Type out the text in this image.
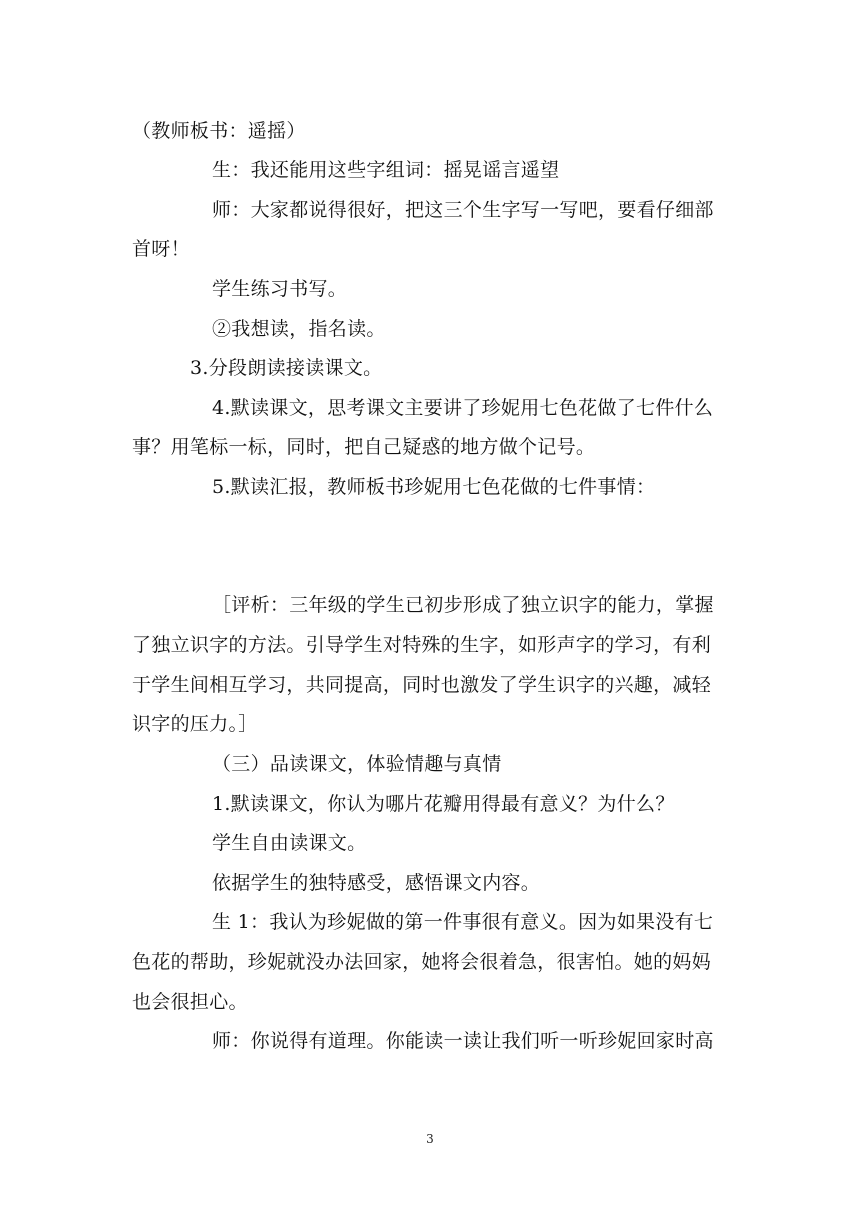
（教师板书：遥摇）
生：我还能用这些字组词：摇晃谣言遥望
师：大家都说得很好，把这三个生字写一写吧，要看仔细部
首呀！
学生练习书写。
②我想读，指名读。
3.分段朗读接读课文。
4.默读课文，思考课文主要讲了珍妮用七色花做了七件什么
事？用笔标一标，同时，把自己疑惑的地方做个记号。
5.默读汇报，教师板书珍妮用七色花做的七件事情：
［评析：三年级的学生已初步形成了独立识字的能力，掌握
了独立识字的方法。引导学生对特殊的生字，如形声字的学习，有利
于学生间相互学习，共同提高，同时也激发了学生识字的兴趣，减轻
识字的压力。］
（三）品读课文，体验情趣与真情
1.默读课文，你认为哪片花瓣用得最有意义？为什么？
学生自由读课文。
依据学生的独特感受，感悟课文内容。
生 1：我认为珍妮做的第一件事很有意义。因为如果没有七
色花的帮助，珍妮就没办法回家，她将会很着急，很害怕。她的妈妈
也会很担心。
师：你说得有道理。你能读一读让我们听一听珍妮回家时高
3
